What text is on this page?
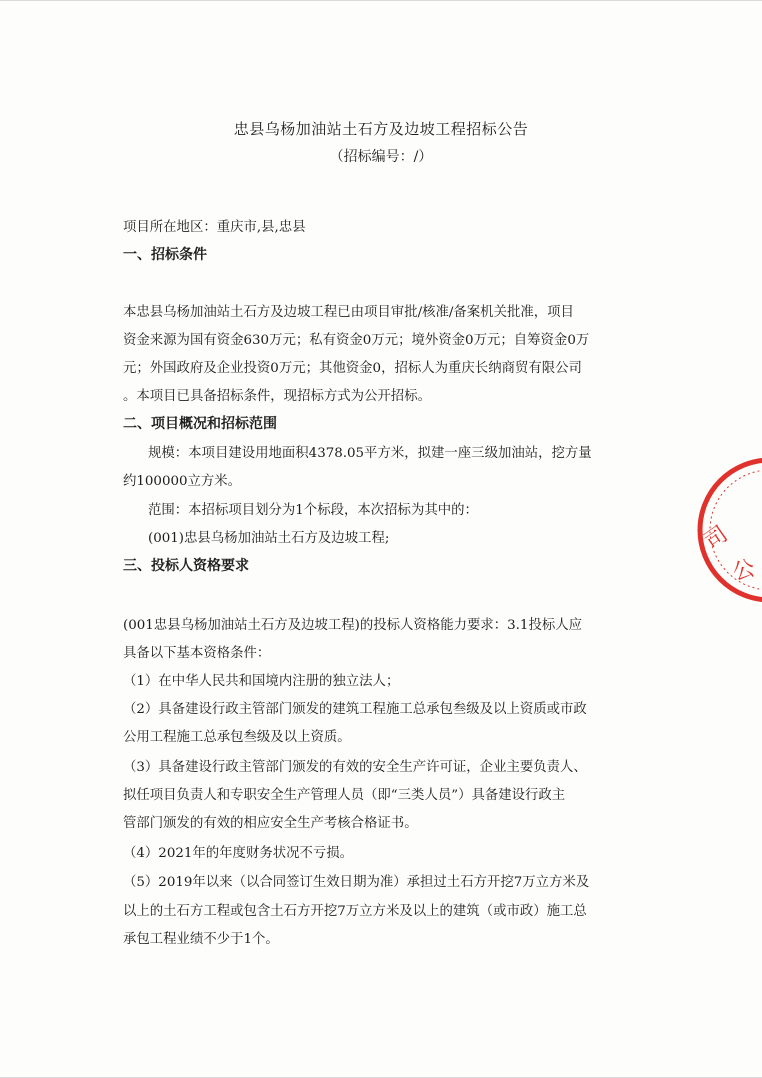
忠县乌杨加油站土石方及边坡工程招标公告
（招标编号：/）
项目所在地区：重庆市,县,忠县
一、招标条件
本忠县乌杨加油站土石方及边坡工程已由项目审批/核准/备案机关批准，项目
资金来源为国有资金630万元；私有资金0万元；境外资金0万元；自筹资金0万
元；外国政府及企业投资0万元；其他资金0，招标人为重庆长纳商贸有限公司
。本项目已具备招标条件，现招标方式为公开招标。
二、项目概况和招标范围
规模：本项目建设用地面积4378.05平方米，拟建一座三级加油站，挖方量
约100000立方米。
范围：本招标项目划分为1个标段，本次招标为其中的：
(001)忠县乌杨加油站土石方及边坡工程;
三、投标人资格要求
(001忠县乌杨加油站土石方及边坡工程)的投标人资格能力要求：3.1投标人应
具备以下基本资格条件：
（1）在中华人民共和国境内注册的独立法人；
（2）具备建设行政主管部门颁发的建筑工程施工总承包叁级及以上资质或市政
公用工程施工总承包叁级及以上资质。
（3）具备建设行政主管部门颁发的有效的安全生产许可证，企业主要负责人、
拟任项目负责人和专职安全生产管理人员（即“三类人员”）具备建设行政主
管部门颁发的有效的相应安全生产考核合格证书。
（4）2021年的年度财务状况不亏损。
（5）2019年以来（以合同签订生效日期为准）承担过土石方开挖7万立方米及
以上的土石方工程或包含土石方开挖7万立方米及以上的建筑（或市政）施工总
承包工程业绩不少于1个。
司
公
